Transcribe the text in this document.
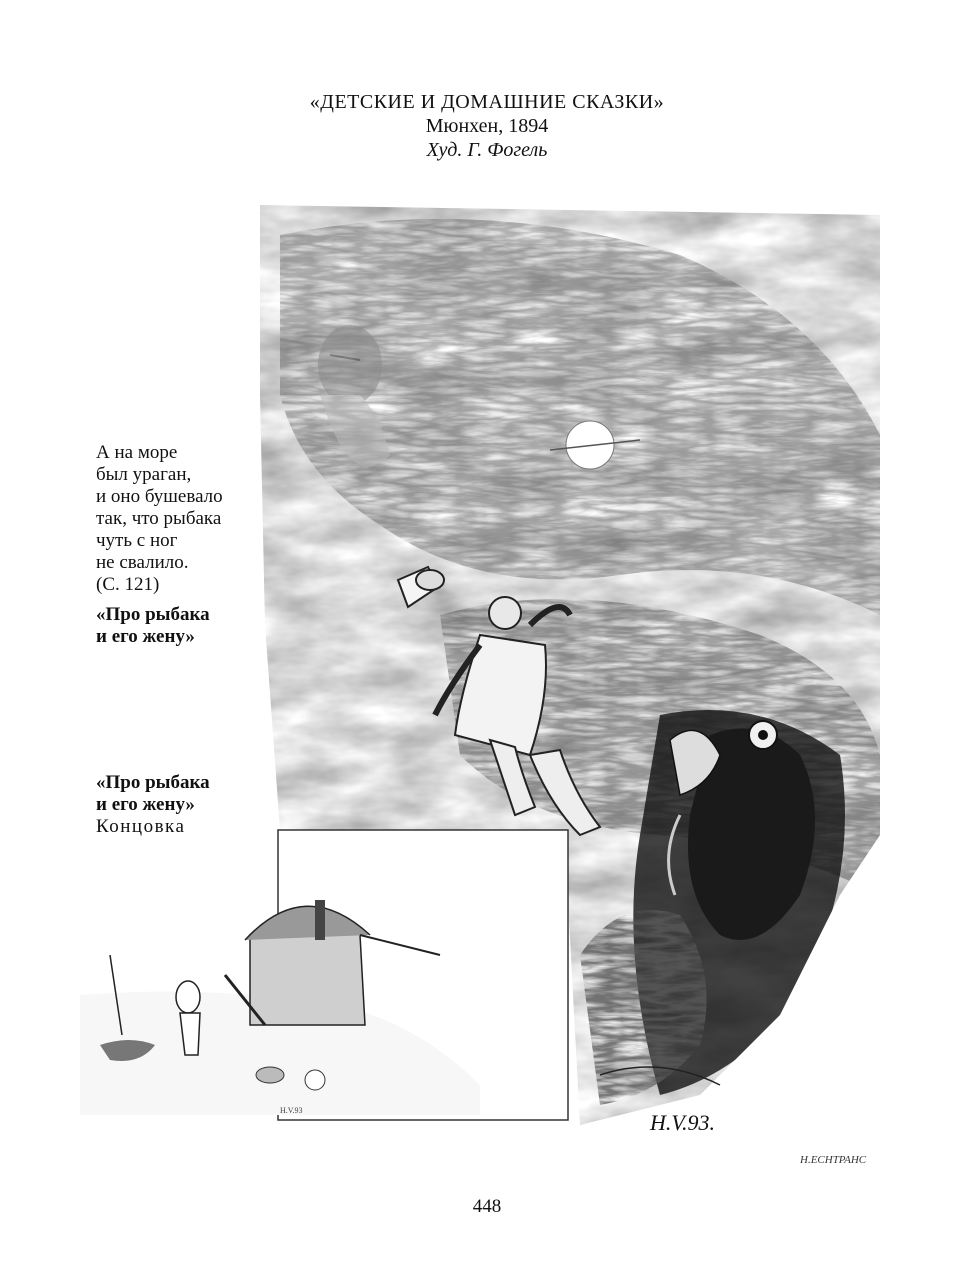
«ДЕТСКИЕ И ДОМАШНИЕ СКАЗКИ»
Мюнхен, 1894
Худ. Г. Фогель
H.V.93	H.V.93.
H.ECHTPAHC
А на море
был ураган,
и оно бушевало
так, что рыбака
чуть с ног
не свалило.
(С. 121)
«Про рыбака
и его жену»
«Про рыбака
и его жену»
Концовка
448
